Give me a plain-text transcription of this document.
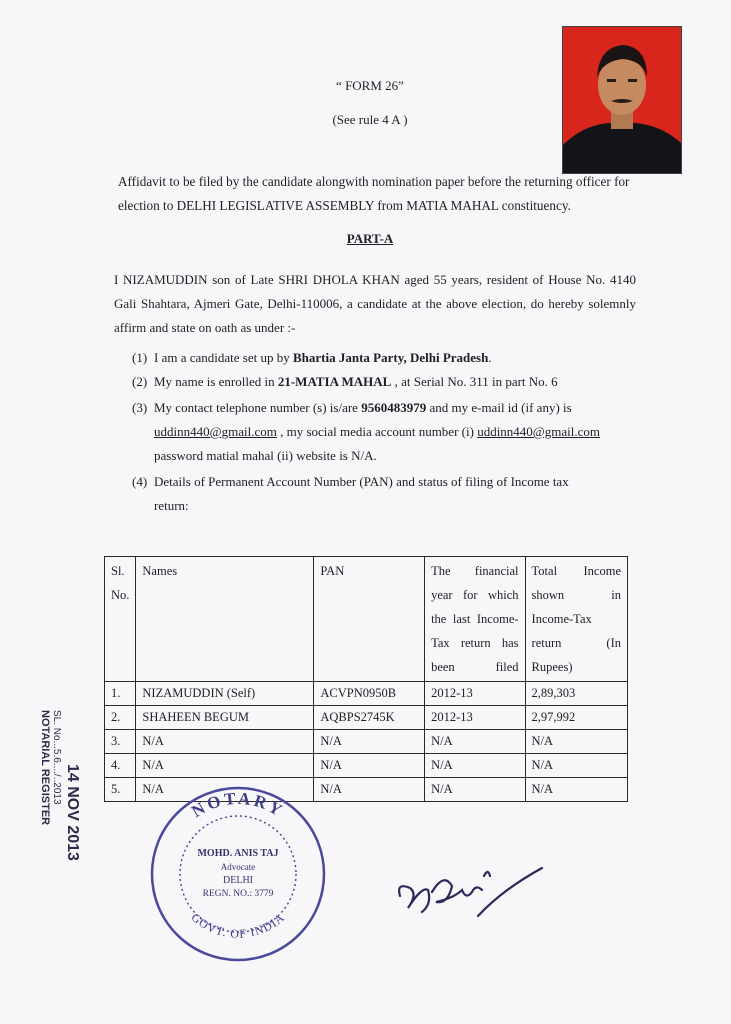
“ FORM 26”
(See rule 4 A )
Affidavit to be filed by the candidate alongwith nomination paper before the returning officer for election to DELHI LEGISLATIVE ASSEMBLY from MATIA MAHAL constituency.
PART-A
I NIZAMUDDIN son of Late SHRI DHOLA KHAN aged 55 years, resident of House No. 4140 Gali Shahtara, Ajmeri Gate, Delhi-110006, a candidate at the above election, do hereby solemnly affirm and state on oath as under :-
(1) I am a candidate set up by Bhartia Janta Party, Delhi Pradesh.
(2) My name is enrolled in 21-MATIA MAHAL , at Serial No. 311 in part No. 6
(3) My contact telephone number (s) is/are 9560483979 and my e-mail id (if any) is
uddinn440@gmail.com , my social media account number (i) uddinn440@gmail.com
password matial mahal (ii) website is N/A.
(4) Details of Permanent Account Number (PAN) and status of filing of Income tax
return:
Sl. No.	Names	PAN	The financial year for which the last Income-Tax return has been filed	Total Income shown in Income-Tax return (In Rupees)
1.	NIZAMUDDIN (Self)	ACVPN0950B	2012-13	2,89,303
2.	SHAHEEN BEGUM	AQBPS2745K	2012-13	2,97,992
3.	N/A	N/A	N/A	N/A
4.	N/A	N/A	N/A	N/A
5.	N/A	N/A	N/A	N/A
NOTARIAL REGISTER SL. No...5.6..../..2013
14 NOV 2013	NOTARY
GOVT. OF INDIA
MOHD. ANIS TAJ
Advocate
DELHI
REGN. NO.: 3779
